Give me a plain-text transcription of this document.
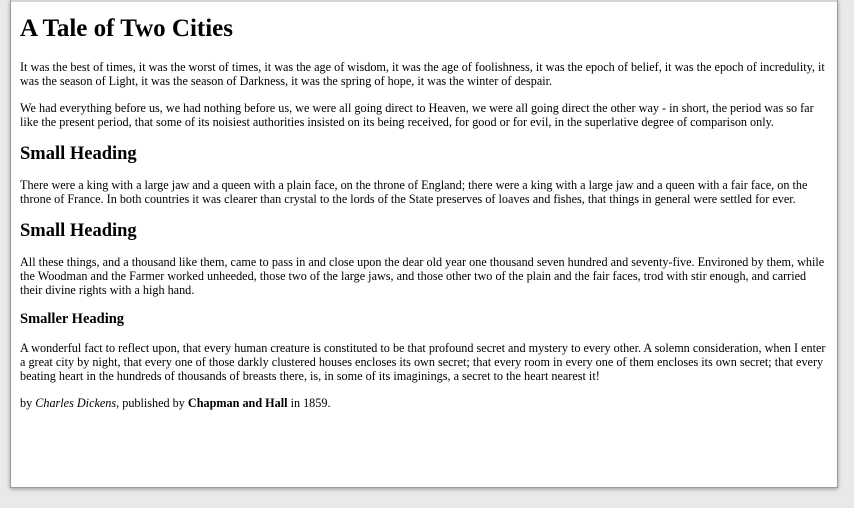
A Tale of Two Cities

It was the best of times, it was the worst of times, it was the age of wisdom, it was the age of foolishness, it was the epoch of belief, it was the epoch of incredulity, it was the season of Light, it was the season of Darkness, it was the spring of hope, it was the winter of despair.

We had everything before us, we had nothing before us, we were all going direct to Heaven, we were all going direct the other way - in short, the period was so far like the present period, that some of its noisiest authorities insisted on its being received, for good or for evil, in the superlative degree of comparison only.

Small Heading

There were a king with a large jaw and a queen with a plain face, on the throne of England; there were a king with a large jaw and a queen with a fair face, on the throne of France. In both countries it was clearer than crystal to the lords of the State preserves of loaves and fishes, that things in general were settled for ever.

Small Heading

All these things, and a thousand like them, came to pass in and close upon the dear old year one thousand seven hundred and seventy-five. Environed by them, while the Woodman and the Farmer worked unheeded, those two of the large jaws, and those other two of the plain and the fair faces, trod with stir enough, and carried their divine rights with a high hand.

Smaller Heading

A wonderful fact to reflect upon, that every human creature is constituted to be that profound secret and mystery to every other. A solemn consideration, when I enter a great city by night, that every one of those darkly clustered houses encloses its own secret; that every room in every one of them encloses its own secret; that every beating heart in the hundreds of thousands of breasts there, is, in some of its imaginings, a secret to the heart nearest it!

by Charles Dickens, published by Chapman and Hall in 1859.
